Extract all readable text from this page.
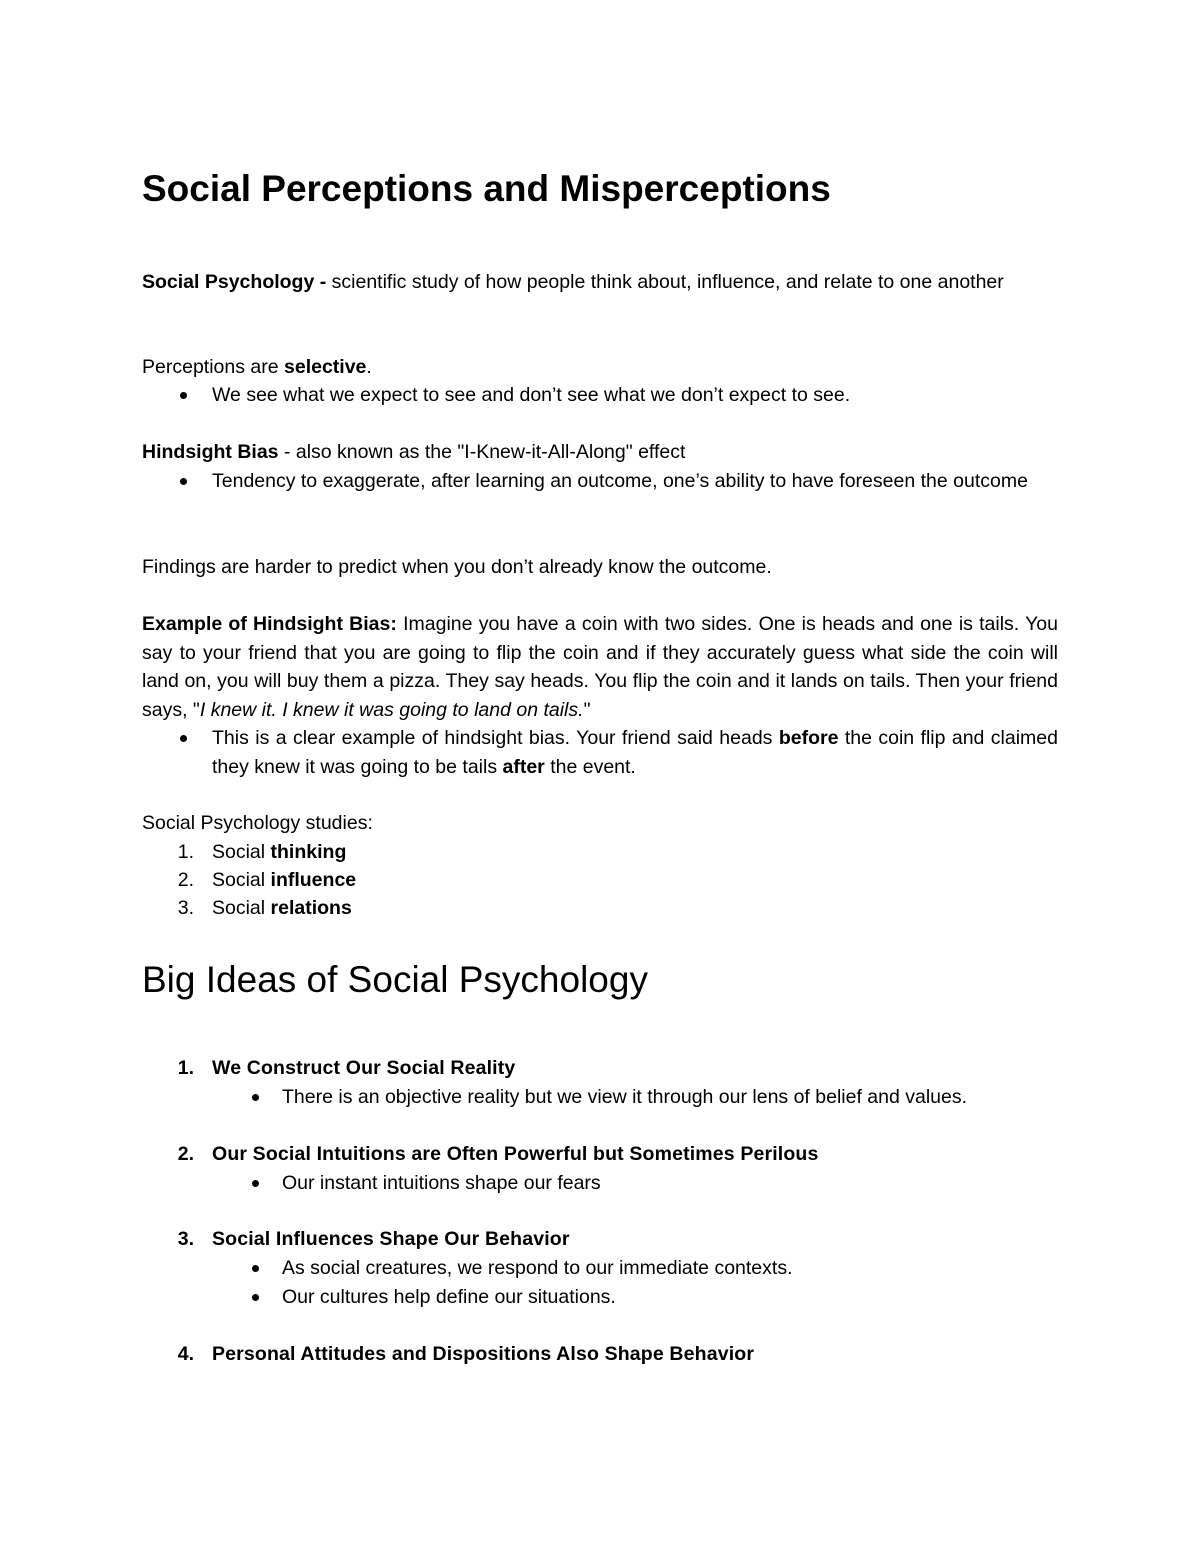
Social Perceptions and Misperceptions

Social Psychology - scientific study of how people think about, influence, and relate to one another

Perceptions are selective.

We see what we expect to see and don’t see what we don’t expect to see.

Hindsight Bias - also known as the "I-Knew-it-All-Along" effect

Tendency to exaggerate, after learning an outcome, one’s ability to have foreseen the outcome

Findings are harder to predict when you don’t already know the outcome.

Example of Hindsight Bias: Imagine you have a coin with two sides. One is heads and one is tails. You say to your friend that you are going to flip the coin and if they accurately guess what side the coin will land on, you will buy them a pizza. They say heads. You flip the coin and it lands on tails. Then your friend says, "I knew it. I knew it was going to land on tails."

This is a clear example of hindsight bias. Your friend said heads before the coin flip and claimed they knew it was going to be tails after the event.

Social Psychology studies:

1. Social thinking

2. Social influence

3. Social relations

Big Ideas of Social Psychology
1. We Construct Our Social Reality

There is an objective reality but we view it through our lens of belief and values.

2. Our Social Intuitions are Often Powerful but Sometimes Perilous

Our instant intuitions shape our fears

3. Social Influences Shape Our Behavior

As social creatures, we respond to our immediate contexts.

Our cultures help define our situations.

4. Personal Attitudes and Dispositions Also Shape Behavior
